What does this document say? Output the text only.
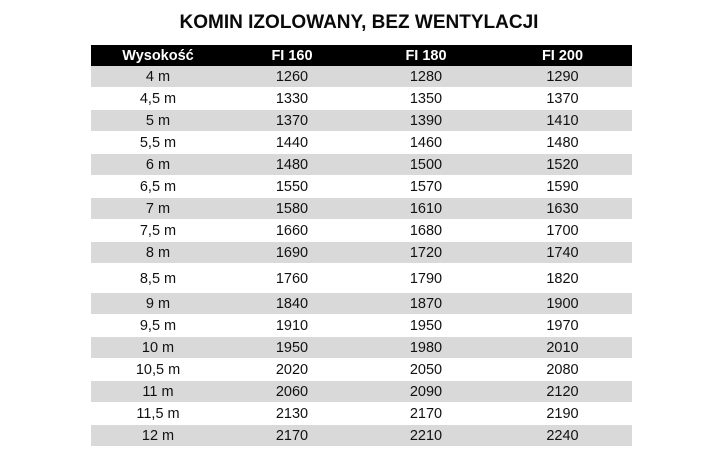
KOMIN IZOLOWANY, BEZ WENTYLACJI
Wysokość	FI 160	FI 180	FI 200
4 m	1260	1280	1290
4,5 m	1330	1350	1370
5 m	1370	1390	1410
5,5 m	1440	1460	1480
6 m	1480	1500	1520
6,5 m	1550	1570	1590
7 m	1580	1610	1630
7,5 m	1660	1680	1700
8 m	1690	1720	1740
8,5 m	1760	1790	1820
9 m	1840	1870	1900
9,5 m	1910	1950	1970
10 m	1950	1980	2010
10,5 m	2020	2050	2080
11 m	2060	2090	2120
11,5 m	2130	2170	2190
12 m	2170	2210	2240
